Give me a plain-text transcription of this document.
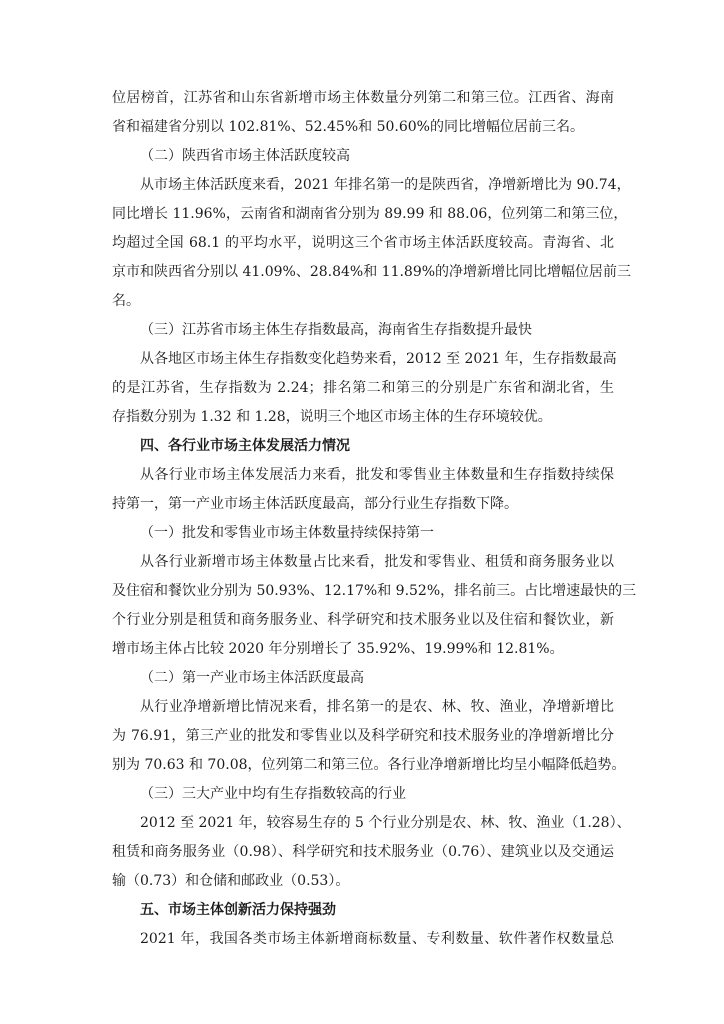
位居榜首，江苏省和山东省新增市场主体数量分列第二和第三位。江西省、海南
省和福建省分别以 102.81%、52.45%和 50.60%的同比增幅位居前三名。
（二）陕西省市场主体活跃度较高
从市场主体活跃度来看，2021 年排名第一的是陕西省，净增新增比为 90.74，
同比增长 11.96%，云南省和湖南省分别为 89.99 和 88.06，位列第二和第三位，
均超过全国 68.1 的平均水平，说明这三个省市场主体活跃度较高。青海省、北
京市和陕西省分别以 41.09%、28.84%和 11.89%的净增新增比同比增幅位居前三
名。
（三）江苏省市场主体生存指数最高，海南省生存指数提升最快
从各地区市场主体生存指数变化趋势来看，2012 至 2021 年，生存指数最高
的是江苏省，生存指数为 2.24；排名第二和第三的分别是广东省和湖北省，生
存指数分别为 1.32 和 1.28，说明三个地区市场主体的生存环境较优。
四、各行业市场主体发展活力情况
从各行业市场主体发展活力来看，批发和零售业主体数量和生存指数持续保
持第一，第一产业市场主体活跃度最高，部分行业生存指数下降。
（一）批发和零售业市场主体数量持续保持第一
从各行业新增市场主体数量占比来看，批发和零售业、租赁和商务服务业以
及住宿和餐饮业分别为 50.93%、12.17%和 9.52%，排名前三。占比增速最快的三
个行业分别是租赁和商务服务业、科学研究和技术服务业以及住宿和餐饮业，新
增市场主体占比较 2020 年分别增长了 35.92%、19.99%和 12.81%。
（二）第一产业市场主体活跃度最高
从行业净增新增比情况来看，排名第一的是农、林、牧、渔业，净增新增比
为 76.91，第三产业的批发和零售业以及科学研究和技术服务业的净增新增比分
别为 70.63 和 70.08，位列第二和第三位。各行业净增新增比均呈小幅降低趋势。
（三）三大产业中均有生存指数较高的行业
2012 至 2021 年，较容易生存的 5 个行业分别是农、林、牧、渔业（1.28）、
租赁和商务服务业（0.98）、科学研究和技术服务业（0.76）、建筑业以及交通运
输（0.73）和仓储和邮政业（0.53）。
五、市场主体创新活力保持强劲
2021 年，我国各类市场主体新增商标数量、专利数量、软件著作权数量总
